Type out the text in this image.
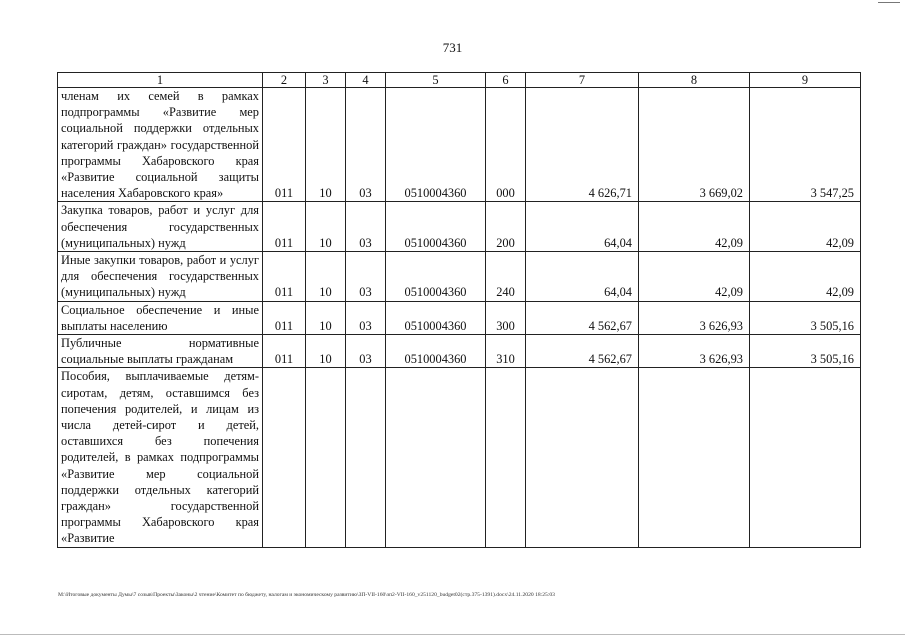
731
1	2	3	4	5	6	7	8	9
членам их семей в рамках подпрограммы «Развитие мер социальной поддержки отдельных категорий граждан» государственной программы Хабаровского края «Развитие социальной защиты населения Хабаровского края»	011	10	03	0510004360	000	4 626,71	3 669,02	3 547,25
Закупка товаров, работ и услуг для обеспечения государственных (муниципальных) нужд	011	10	03	0510004360	200	64,04	42,09	42,09
Иные закупки товаров, работ и услуг для обеспечения государственных (муниципальных) нужд	011	10	03	0510004360	240	64,04	42,09	42,09
Социальное обеспечение и иные выплаты населению	011	10	03	0510004360	300	4 562,67	3 626,93	3 505,16
Публичные нормативные социальные выплаты гражданам	011	10	03	0510004360	310	4 562,67	3 626,93	3 505,16
Пособия, выплачиваемые детям-сиротам, детям, оставшимся без попечения родителей, и лицам из числа детей-сирот и детей, оставшихся без попечения родителей, в рамках подпрограммы «Развитие мер социальной поддержки отдельных категорий граждан» государственной программы Хабаровского края «Развитие								
M:\Итоговые документы Думы\7 созыв\Проекты\Законы\2 чтение\Комитет по бюджету, налогам и экономическому развитию\ЗП-VII-160\зп2-VII-160_v251120_budget02(стр.375-1391).docx\24.11.2020 18:25:03
